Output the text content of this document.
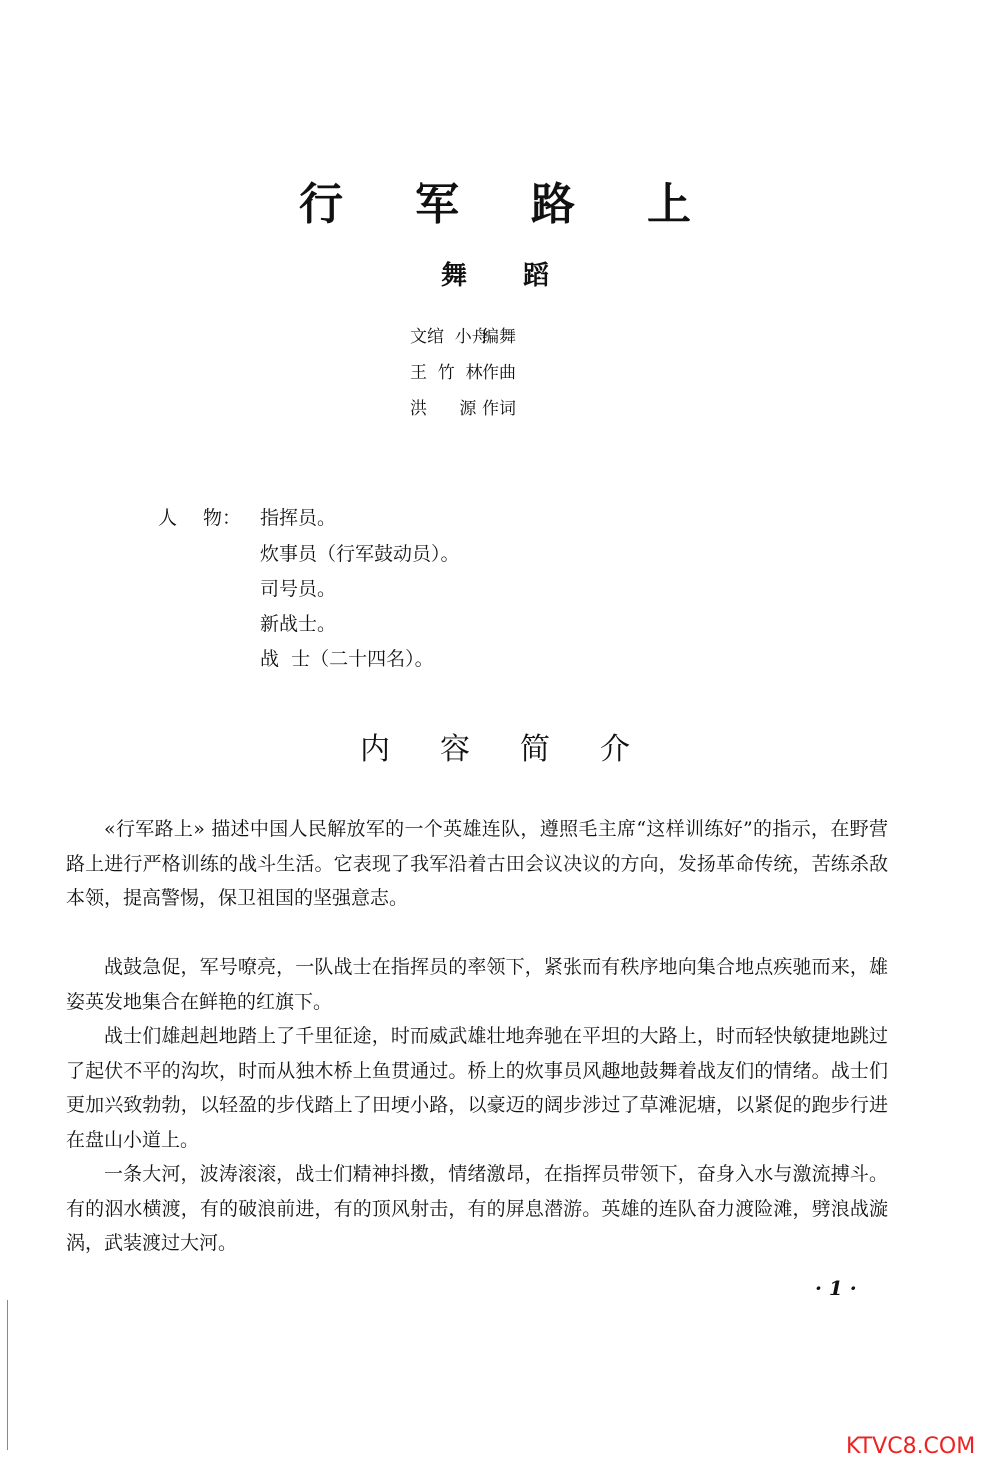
行 军 路 上
舞 蹈
文绾  小舟编舞
王  竹  林作曲
洪      源 作词
人 物： 指挥员。
炊事员（行军鼓动员）。
司号员。
新战士。
战  士（二十四名）。
内 容 简 介

«行军路上» 描述中国人民解放军的一个英雄连队，遵照毛主席“这样训练好”的指示，在野营路上进行严格训练的战斗生活。它表现了我军沿着古田会议决议的方向，发扬革命传统，苦练杀敌本领，提高警惕，保卫祖国的坚强意志。

战鼓急促，军号嘹亮，一队战士在指挥员的率领下，紧张而有秩序地向集合地点疾驰而来，雄姿英发地集合在鲜艳的红旗下。

战士们雄赳赳地踏上了千里征途，时而威武雄壮地奔驰在平坦的大路上，时而轻快敏捷地跳过了起伏不平的沟坎，时而从独木桥上鱼贯通过。桥上的炊事员风趣地鼓舞着战友们的情绪。战士们更加兴致勃勃，以轻盈的步伐踏上了田埂小路，以豪迈的阔步涉过了草滩泥塘，以紧促的跑步行进在盘山小道上。

一条大河，波涛滚滚，战士们精神抖擞，情绪激昂，在指挥员带领下，奋身入水与激流搏斗。有的泅水横渡，有的破浪前进，有的顶风射击，有的屏息潜游。英雄的连队奋力渡险滩，劈浪战漩涡，武装渡过大河。

· 1 ·
KTVC8.COM
